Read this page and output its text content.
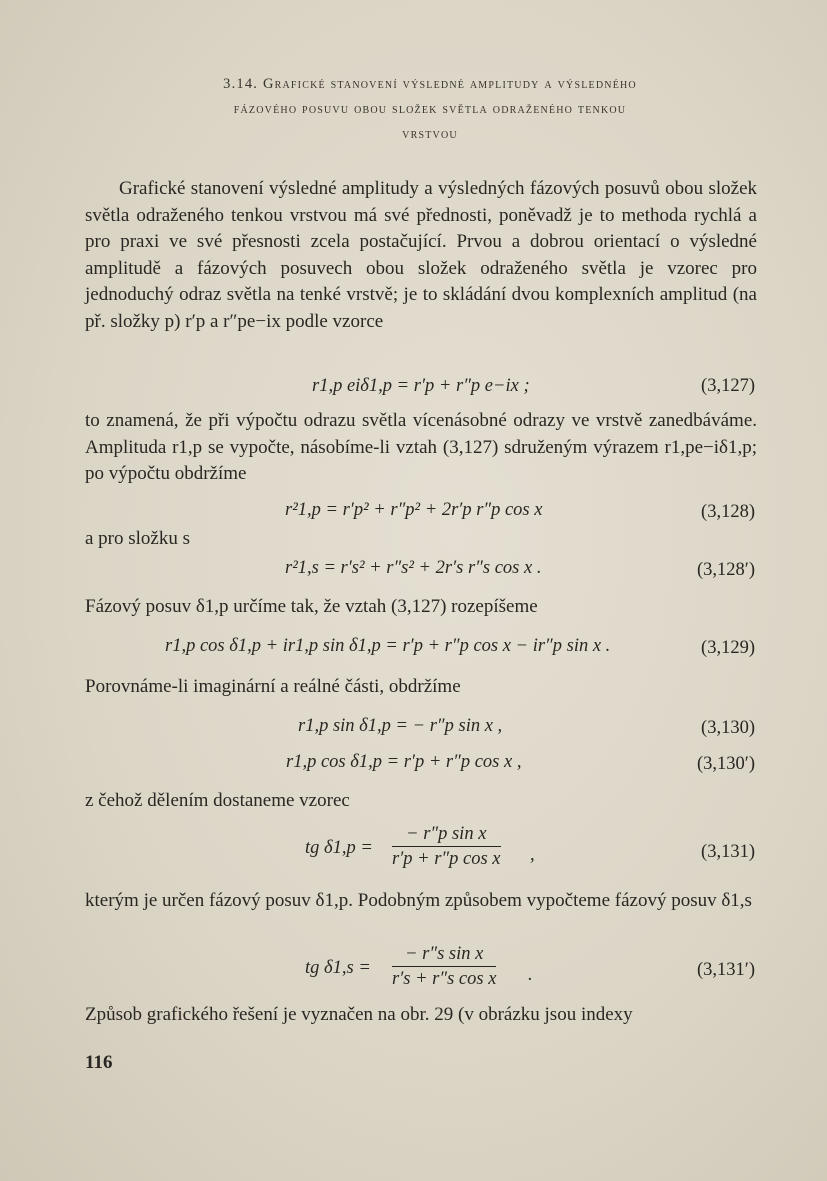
3.14. Grafické stanovení výsledné amplitudy a výsledného
fázového posuvu obou složek světla odraženého tenkou
vrstvou
Grafické stanovení výsledné amplitudy a výsledných fázových posuvů obou složek světla odraženého tenkou vrstvou má své přednosti, poněvadž je to methoda rychlá a pro praxi ve své přesnosti zcela postačující. Prvou a dobrou orientací o výsledné amplitudě a fázových posuvech obou složek odraženého světla je vzorec pro jednoduchý odraz světla na tenké vrstvě; je to skládání dvou komplexních amplitud (na př. složky p) r′p a r″pe−ix podle vzorce
r1,p eiδ1,p = r′p + r″p e−ix ;	(3,127)
to znamená, že při výpočtu odrazu světla vícenásobné odrazy ve vrstvě zanedbáváme. Amplituda r1,p se vypočte, násobíme-li vztah (3,127) sdruženým výrazem r1,pe−iδ1,p; po výpočtu obdržíme
r²1,p = r′p² + r″p² + 2r′p r″p cos x	(3,128)
a pro složku s
r²1,s = r′s² + r″s² + 2r′s r″s cos x .	(3,128′)
Fázový posuv δ1,p určíme tak, že vztah (3,127) rozepíšeme
r1,p cos δ1,p + ir1,p sin δ1,p = r′p + r″p cos x − ir″p sin x .	(3,129)
Porovnáme-li imaginární a reálné části, obdržíme
r1,p sin δ1,p = − r″p sin x ,	(3,130)
r1,p cos δ1,p = r′p + r″p cos x ,	(3,130′)
z čehož dělením dostaneme vzorec
tg $\delta 1,p = \frac{\text{− r″p sin x}}{\text{r′p + r″p cos x}}$ ,	(3,131)
kterým je určen fázový posuv δ1,p. Podobným způsobem vypočteme fázový posuv δ1,s
tg $\delta 1,s = \frac{\text{− r″s sin x}}{\text{r′s + r″s cos x}}$ .	(3,131′)
Způsob grafického řešení je vyznačen na obr. 29 (v obrázku jsou indexy
116
